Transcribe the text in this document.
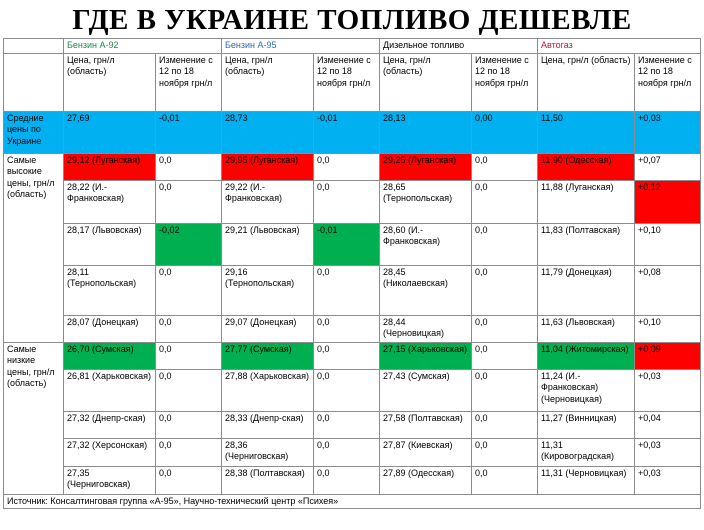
ГДЕ В УКРАИНЕ ТОПЛИВО ДЕШЕВЛЕ
	Бензин А-92		Бензин А-95		Дизельное топливо		Автогаз	
	Цена, грн/л (область)	Изменение с 12 по 18 ноября грн/л	Цена, грн/л (область)	Изменение с 12 по 18 ноября грн/л	Цена, грн/л (область)	Изменение с 12 по 18 ноября грн/л	Цена, грн/л (область)	Изменение с 12 по 18 ноября грн/л
Средние цены по Украине	27,69	-0,01	28,73	-0,01	28,13	0,00	11,50	+0,03
Самые высокие цены, грн/л (область)	29,12 (Луганская)	0,0	29,95 (Луганская)	0,0	29,25 (Луганская)	0,0	11,90 (Одесская)	+0,07
	28,22 (И.-Франковская)	0,0	29,22 (И.-Франковская)	0,0	28,65 (Тернопольская)	0,0	11,88 (Луганская)	+0,12
	28,17 (Львовская)	-0,02	29,21 (Львовская)	-0,01	28,60 (И.-Франковская)	0,0	11,83 (Полтавская)	+0,10
	28,11 (Тернопольская)	0,0	29,16 (Тернопольская)	0,0	28,45 (Николаевская)	0,0	11,79 (Донецкая)	+0,08
	28,07 (Донецкая)	0,0	29,07 (Донецкая)	0,0	28,44 (Черновицкая)	0,0	11,63 (Львовская)	+0,10
Самые низкие цены, грн/л (область)	26,70 (Сумская)	0,0	27,77 (Сумская)	0,0	27,15 (Харьковская)	0,0	11,04 (Житомирская)	+0,09
	26,81 (Харьковская)	0,0	27,88 (Харьковская)	0,0	27,43 (Сумская)	0,0	11,24 (И.-Франковская) (Черновицкая)	+0,03
	27,32 (Днепр-ская)	0,0	28,33 (Днепр-ская)	0,0	27,58 (Полтавская)	0,0	11,27 (Винницкая)	+0,04
	27,32 (Херсонская)	0,0	28,36 (Черниговская)	0,0	27,87 (Киевская)	0,0	11,31 (Кировоградская)	+0,03
	27,35 (Черниговская)	0,0	28,38 (Полтавская)	0,0	27,89 (Одесская)	0,0	11,31 (Черновицкая)	+0,03
Источник: Консалтинговая группа «А-95», Научно-технический центр «Психея»								
